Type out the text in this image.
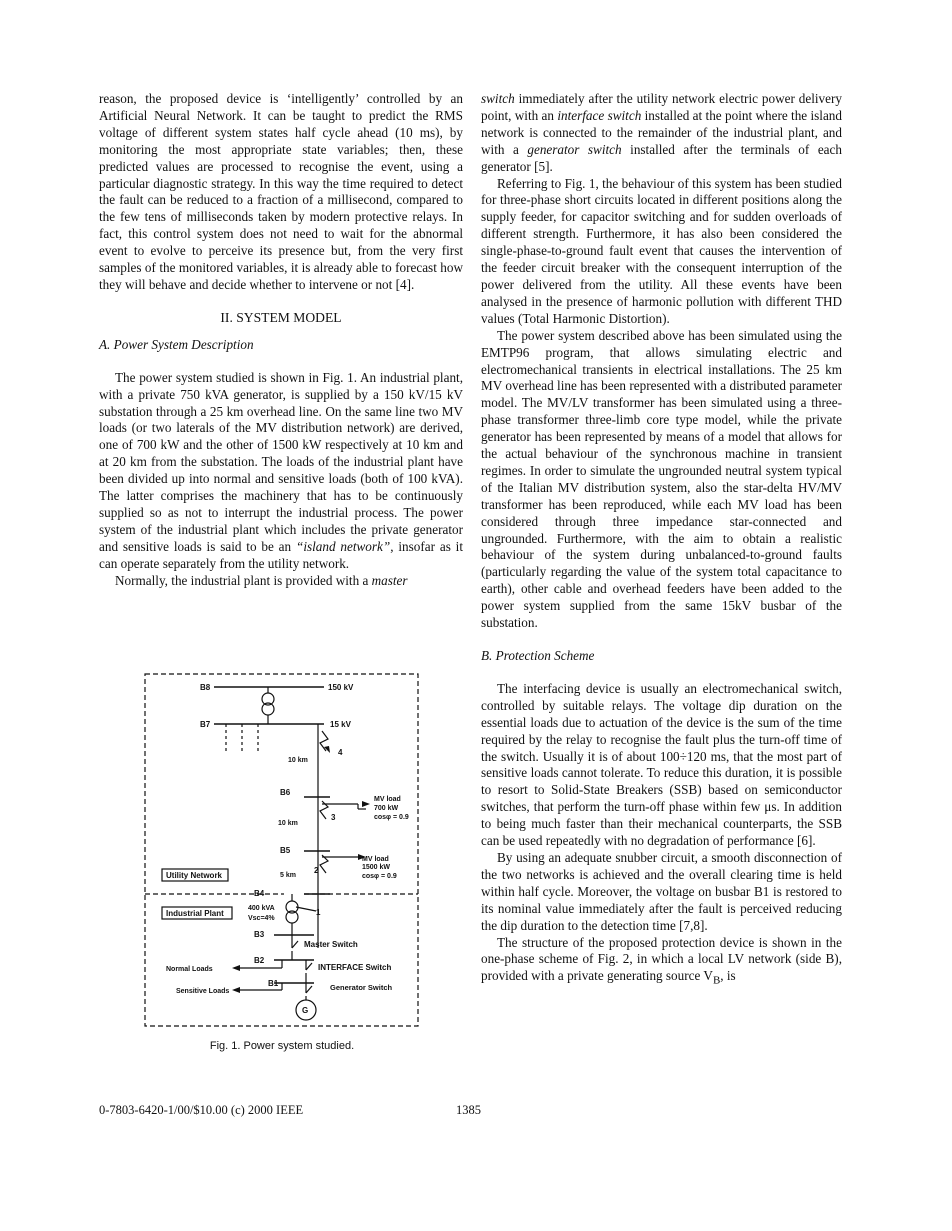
reason, the proposed device is ‘intelligently’ controlled by an Artificial Neural Network. It can be taught to predict the RMS voltage of different system states half cycle ahead (10 ms), by monitoring the most appropriate state variables; then, these predicted values are processed to recognise the event, using a particular diagnostic strategy. In this way the time required to detect the fault can be reduced to a fraction of a millisecond, compared to the few tens of milliseconds taken by modern protective relays. In fact, this control system does not need to wait for the abnormal event to evolve to perceive its presence but, from the very first samples of the monitored variables, it is already able to forecast how they will behave and decide whether to intervene or not [4].

II. SYSTEM MODEL
A. Power System Description

The power system studied is shown in Fig. 1. An industrial plant, with a private 750 kVA generator, is supplied by a 150 kV/15 kV substation through a 25 km overhead line. On the same line two MV loads (or two laterals of the MV distribution network) are derived, one of 700 kW and the other of 1500 kW respectively at 10 km and at 20 km from the substation. The loads of the industrial plant have been divided up into normal and sensitive loads (both of 100 kVA). The latter comprises the machinery that has to be continuously supplied so as not to interrupt the industrial process. The power system of the industrial plant which includes the private generator and sensitive loads is said to be an “island network”, insofar as it can operate separately from the utility network.

Normally, the industrial plant is provided with a master

B8	150 kV
B7	15 kV
4
10 km
B6
3
MV load
700 kW
cosφ = 0.9
10 km
B5
5 km
2
MV load
1500 kW
cosφ = 0.9
Utility Network
B4
Industrial Plant
400 kVA
Vsc=4%
1
B3
Master Switch
B2
Normal Loads	INTERFACE Switch
B1
Sensitive Loads	Generator Switch
G
Fig. 1. Power system studied.

switch immediately after the utility network electric power delivery point, with an interface switch installed at the point where the island network is connected to the remainder of the industrial plant, and with a generator switch installed after the terminals of each generator [5].

Referring to Fig. 1, the behaviour of this system has been studied for three-phase short circuits located in different positions along the supply feeder, for capacitor switching and for sudden overloads of different strength. Furthermore, it has also been considered the single-phase-to-ground fault event that causes the intervention of the feeder circuit breaker with the consequent interruption of the power delivered from the utility. All these events have been analysed in the presence of harmonic pollution with different THD values (Total Harmonic Distortion).

The power system described above has been simulated using the EMTP96 program, that allows simulating electric and electromechanical transients in electrical installations. The 25 km MV overhead line has been represented with a distributed parameter model. The MV/LV transformer has been simulated using a three-phase transformer three-limb core type model, while the private generator has been represented by means of a model that allows for the actual behaviour of the synchronous machine in transient regimes. In order to simulate the ungrounded neutral system typical of the Italian MV distribution system, also the star-delta HV/MV transformer has been reproduced, while each MV load has been considered through three impedance star-connected and ungrounded. Furthermore, with the aim to obtain a realistic behaviour of the system during unbalanced-to-ground faults (particularly regarding the value of the system total capacitance to earth), other cable and overhead feeders have been added to the power system supplied from the same 15kV busbar of the substation.

B. Protection Scheme

The interfacing device is usually an electromechanical switch, controlled by suitable relays. The voltage dip duration on the essential loads due to actuation of the device is the sum of the time required by the relay to recognise the fault plus the turn-off time of the switch. Usually it is of about 100÷120 ms, that the most part of sensitive loads cannot tolerate. To reduce this duration, it is possible to resort to Solid-State Breakers (SSB) based on semiconductor switches, that perform the turn-off phase within few μs. In addition to being much faster than their mechanical counterparts, the SSB can be used repeatedly with no degradation of performance [6].

By using an adequate snubber circuit, a smooth disconnection of the two networks is achieved and the overall clearing time is held within half cycle. Moreover, the voltage on busbar B1 is restored to its nominal value immediately after the fault is perceived reducing the dip duration to the detection time [7,8].

The structure of the proposed protection device is shown in the one-phase scheme of Fig. 2, in which a local LV network (side B), provided with a private generating source $V_B$, is

0-7803-6420-1/00/$10.00 (c) 2000 IEEE	1385
